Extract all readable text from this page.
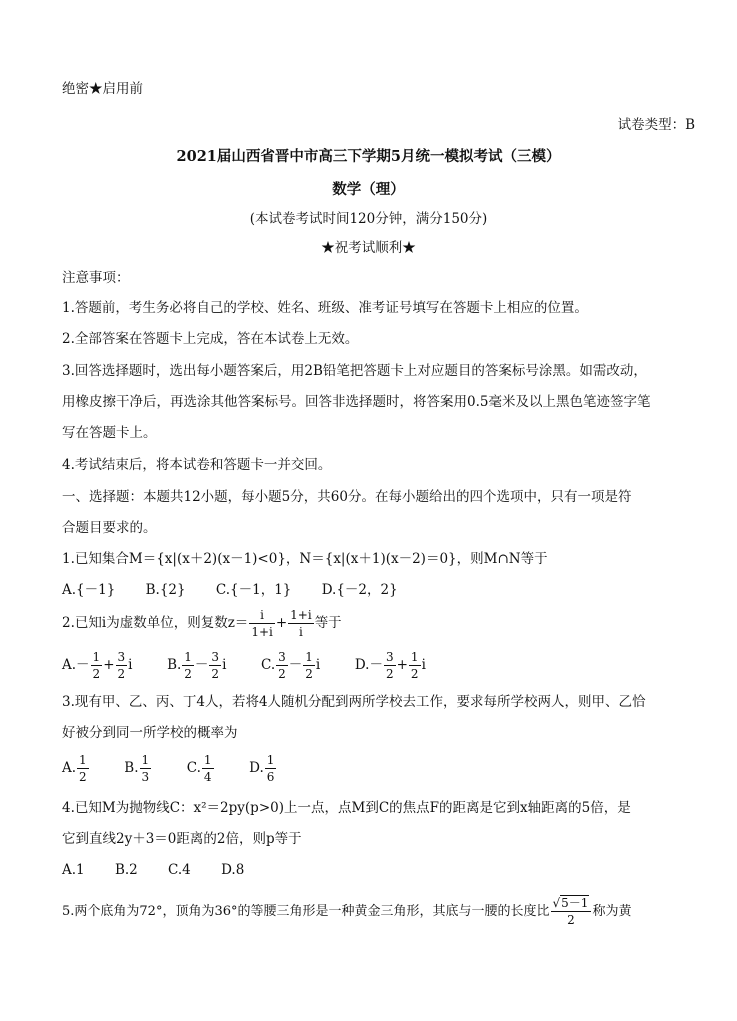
绝密★启用前
试卷类型：B
2021届山西省晋中市高三下学期5月统一模拟考试（三模）
数学（理）
(本试卷考试时间120分钟，满分150分)
★祝考试顺利★
注意事项：
1.答题前，考生务必将自己的学校、姓名、班级、准考证号填写在答题卡上相应的位置。
2.全部答案在答题卡上完成，答在本试卷上无效。
3.回答选择题时，选出每小题答案后，用2B铅笔把答题卡上对应题目的答案标号涂黑。如需改动，
用橡皮擦干净后，再选涂其他答案标号。回答非选择题时，将答案用0.5毫米及以上黑色笔迹签字笔
写在答题卡上。
4.考试结束后，将本试卷和答题卡一并交回。
一、选择题：本题共12小题，每小题5分，共60分。在每小题给出的四个选项中，只有一项是符
合题目要求的。
1.已知集合M＝{x|(x＋2)(x－1)<0}，N＝{x|(x＋1)(x－2)＝0}，则M∩N等于
A.{－1} B.{2} C.{－1，1} D.{－2，2}
2.已知i为虚数单位，则复数$z= \frac{i}{1+i} + \frac{1+i}{i}$ 等于
$A.- \frac{1}{2} + \frac{3}{2}$ i	B. $\frac{1}{2} - \frac{3}{2}$ i	C. $\frac{3}{2} - \frac{1}{2}$ i	$D.- \frac{3}{2} + \frac{1}{2}$ i
3.现有甲、乙、丙、丁4人，若将4人随机分配到两所学校去工作，要求每所学校两人，则甲、乙恰
好被分到同一所学校的概率为
A. $\frac{1}{2}$	B. $\frac{1}{3}$	C. $\frac{1}{4}$	D. $\frac{1}{6}$
4.已知M为抛物线C：x²＝2py(p>0)上一点，点M到C的焦点F的距离是它到x轴距离的5倍，是
它到直线2y＋3＝0距离的2倍，则p等于
A.1 B.2 C.4 D.8
5.两个底角为72°，顶角为36°的等腰三角形是一种黄金三角形，其底与一腰的长度比 $\frac{√5-1}{2}$ 称为黄
